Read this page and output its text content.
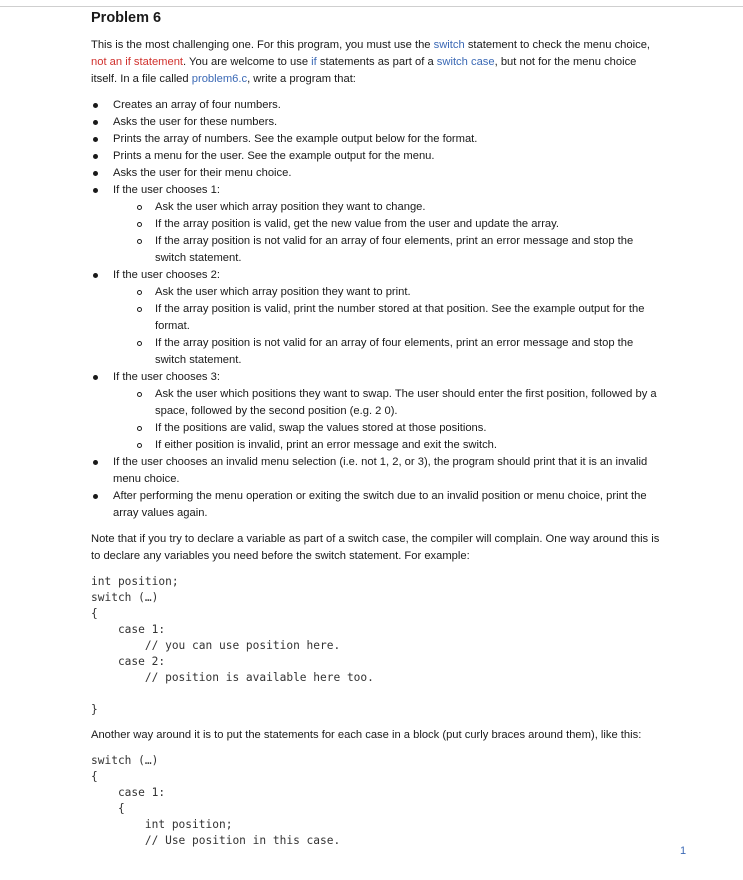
Problem 6

This is the most challenging one. For this program, you must use the switch statement to check the menu choice, not an if statement. You are welcome to use if statements as part of a switch case, but not for the menu choice itself. In a file called problem6.c, write a program that:

Creates an array of four numbers.
Asks the user for these numbers.
Prints the array of numbers. See the example output below for the format.
Prints a menu for the user. See the example output for the menu.
Asks the user for their menu choice.
If the user chooses 1:
Ask the user which array position they want to change.
If the array position is valid, get the new value from the user and update the array.
If the array position is not valid for an array of four elements, print an error message and stop the switch statement.
If the user chooses 2:
Ask the user which array position they want to print.
If the array position is valid, print the number stored at that position. See the example output for the format.
If the array position is not valid for an array of four elements, print an error message and stop the switch statement.
If the user chooses 3:
Ask the user which positions they want to swap. The user should enter the first position, followed by a space, followed by the second position (e.g. 2 0).
If the positions are valid, swap the values stored at those positions.
If either position is invalid, print an error message and exit the switch.
If the user chooses an invalid menu selection (i.e. not 1, 2, or 3), the program should print that it is an invalid menu choice.
After performing the menu operation or exiting the switch due to an invalid position or menu choice, print the array values again.

Note that if you try to declare a variable as part of a switch case, the compiler will complain. One way around this is to declare any variables you need before the switch statement. For example:

int position;
switch (…)
{
case 1:
// you can use position here.
case 2:
// position is available here too.

}

Another way around it is to put the statements for each case in a block (put curly braces around them), like this:

switch (…)
{
case 1:
{
int position;
// Use position in this case.
1
